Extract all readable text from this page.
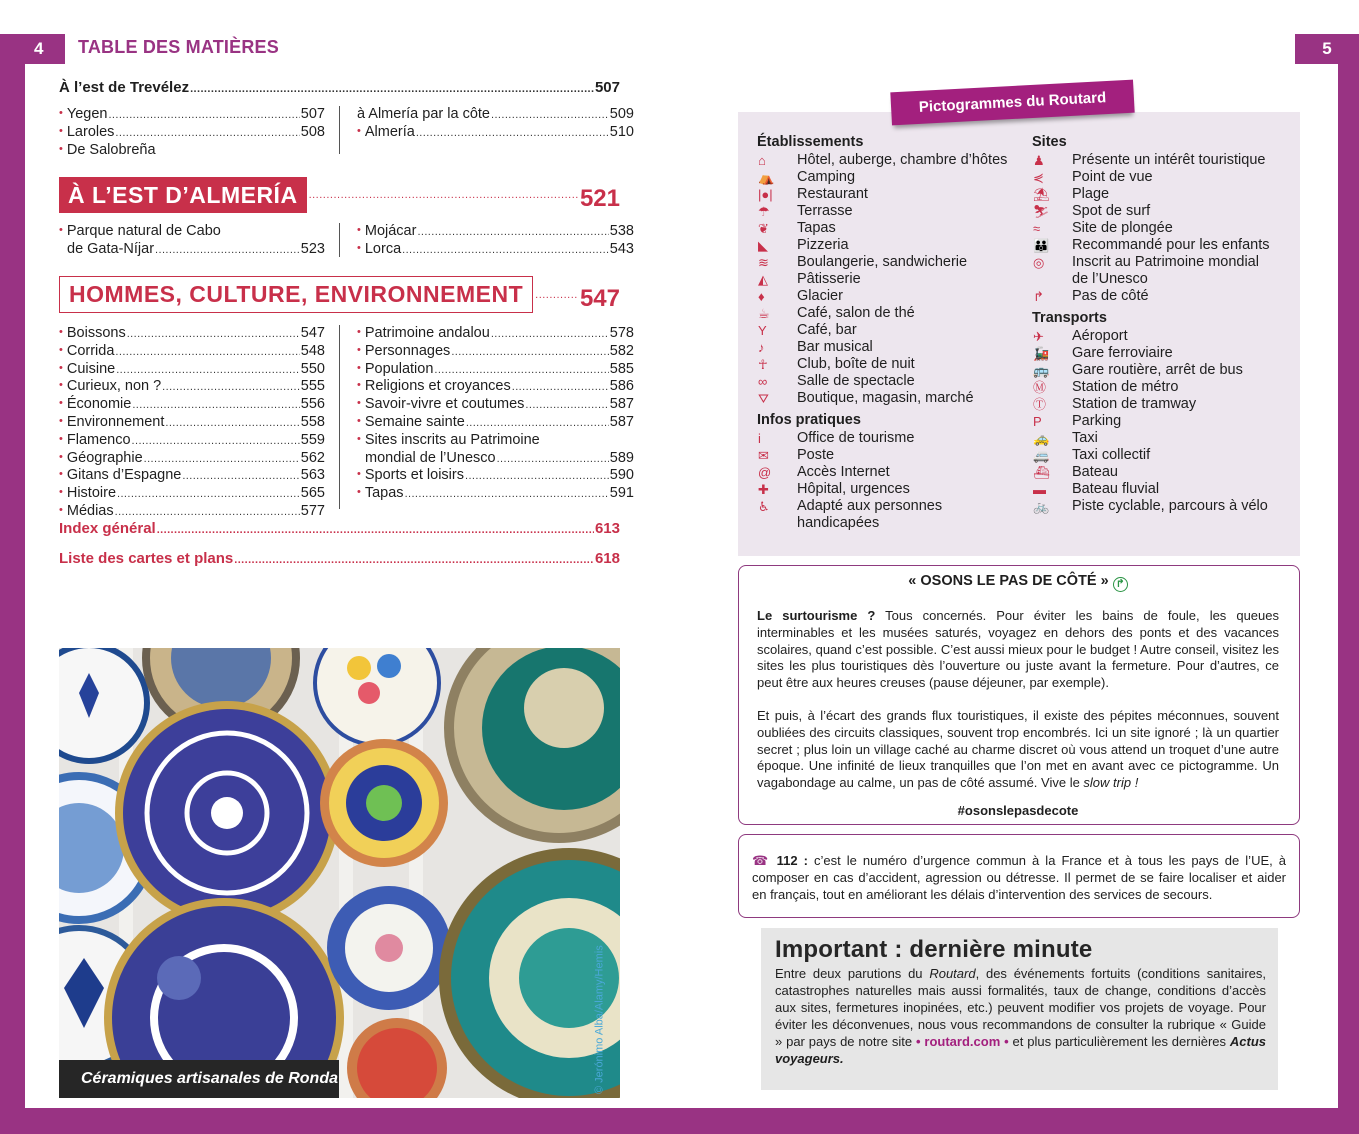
4	5
TABLE DES MATIÈRES
À l’est de Trevélez .....	507
• Yegen .....	507
• Laroles .....	508
• De Salobreña
à Almería par la côte .....	509
• Almería .....	510
À L’EST D’ALMERÍA .....	521
• Parque natural de Cabo
de Gata-Níjar .....	523
• Mojácar .....	538
• Lorca .....	543
HOMMES, CULTURE, ENVIRONNEMENT .....	547
• Boissons .....	547
• Corrida .....	548
• Cuisine .....	550
• Curieux, non ? .....	555
• Économie .....	556
• Environnement .....	558
• Flamenco .....	559
• Géographie .....	562
• Gitans d’Espagne .....	563
• Histoire .....	565
• Médias .....	577
• Patrimoine andalou .....	578
• Personnages .....	582
• Population .....	585
• Religions et croyances .....	586
• Savoir-vivre et coutumes .....	587
• Semaine sainte .....	587
• Sites inscrits au Patrimoine
mondial de l’Unesco .....	589
• Sports et loisirs .....	590
• Tapas .....	591
Index général .....	613
Liste des cartes et plans .....	618
Céramiques artisanales de Ronda	© Jerónimo Alba/Alamy/Hemis
Pictogrammes du Routard
Établissements
⌂	Hôtel, auberge, chambre d’hôtes
⛺	Camping
|●|	Restaurant
☂	Terrasse
❦	Tapas
◣	Pizzeria
≋	Boulangerie, sandwicherie
◭	Pâtisserie
♦	Glacier
☕	Café, salon de thé
Y	Café, bar
♪	Bar musical
☥	Club, boîte de nuit
∞	Salle de spectacle
⛛	Boutique, magasin, marché
Infos pratiques
i	Office de tourisme
✉	Poste
@	Accès Internet
✚	Hôpital, urgences
♿	Adapté aux personnes
handicapées
Sites
♟	Présente un intérêt touristique
⋞	Point de vue
⛱	Plage
⛷	Spot de surf
≈	Site de plongée
👪	Recommandé pour les enfants
◎	Inscrit au Patrimoine mondial
de l’Unesco
↱	Pas de côté
Transports
✈	Aéroport
🚂	Gare ferroviaire
🚌	Gare routière, arrêt de bus
Ⓜ	Station de métro
Ⓣ	Station de tramway
P	Parking
🚕	Taxi
🚐	Taxi collectif
⛴	Bateau
▬	Bateau fluvial
🚲	Piste cyclable, parcours à vélo
« OSONS LE PAS DE CÔTÉ » ↱

Le surtourisme ? Tous concernés. Pour éviter les bains de foule, les queues interminables et les musées saturés, voyagez en dehors des ponts et des vacances scolaires, quand c’est possible. C’est aussi mieux pour le budget ! Autre conseil, visitez les sites les plus touristiques dès l’ouverture ou juste avant la fermeture. Pour d’autres, ce peut être aux heures creuses (pause déjeuner, par exemple).

Et puis, à l’écart des grands flux touristiques, il existe des pépites méconnues, souvent oubliées des circuits classiques, souvent trop encombrés. Ici un site ignoré ; là un quartier secret ; plus loin un village caché au charme discret où vous attend un troquet d’une autre époque. Une infinité de lieux tranquilles que l’on met en avant avec ce pictogramme. Un vagabondage au calme, un pas de côté assumé. Vive le slow trip !

#osonslepasdecote
☎ 112 : c’est le numéro d’urgence commun à la France et à tous les pays de l’UE, à composer en cas d’accident, agression ou détresse. Il permet de se faire localiser et aider en français, tout en améliorant les délais d’intervention des services de secours.
Important : dernière minute

Entre deux parutions du Routard, des événements fortuits (conditions sanitaires, catastrophes naturelles mais aussi formalités, taux de change, conditions d’accès aux sites, fermetures inopinées, etc.) peuvent modifier vos projets de voyage. Pour éviter les déconvenues, nous vous recommandons de consulter la rubrique « Guide » par pays de notre site • routard.com • et plus particulièrement les dernières Actus voyageurs.
